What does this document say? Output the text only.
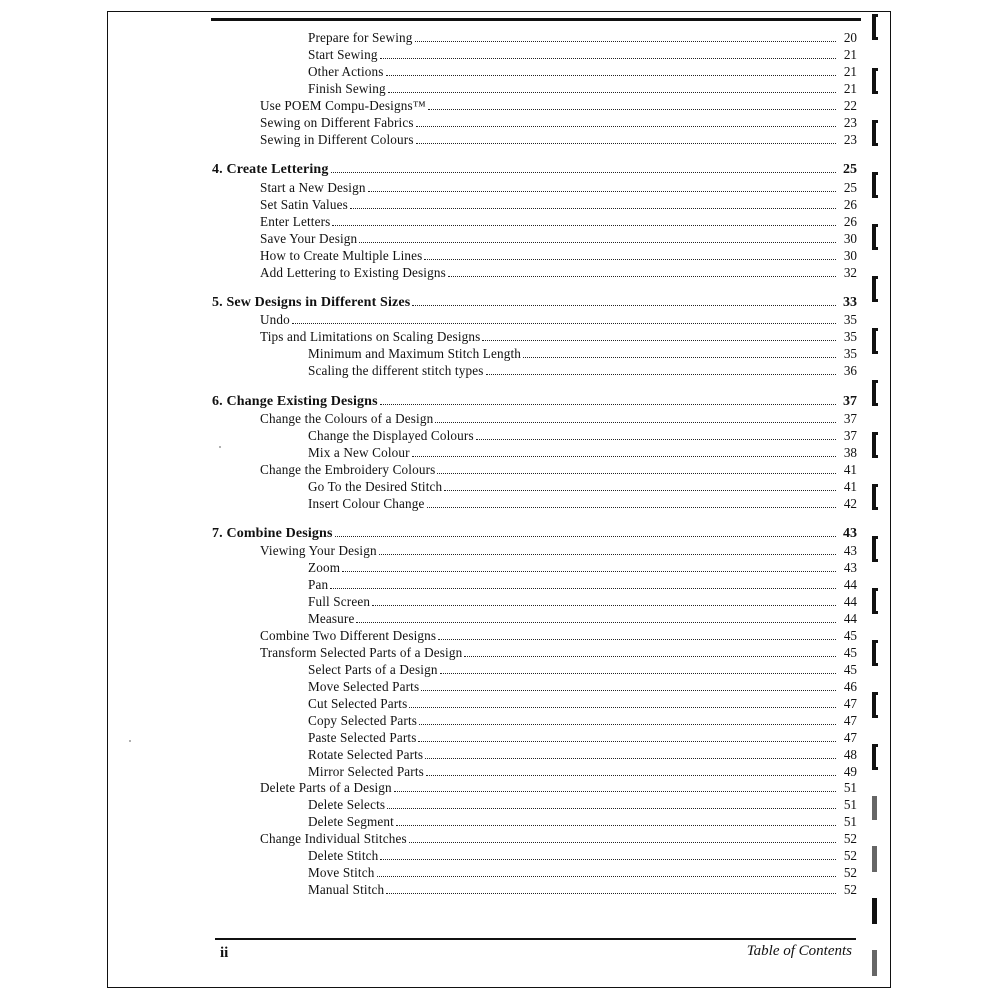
Prepare for Sewing	20
Start Sewing	21
Other Actions	21
Finish Sewing	21
Use POEM Compu-Designs™	22
Sewing on Different Fabrics	23
Sewing in Different Colours	23
4. Create Lettering	25
Start a New Design	25
Set Satin Values	26
Enter Letters	26
Save Your Design	30
How to Create Multiple Lines	30
Add Lettering to Existing Designs	32
5. Sew Designs in Different Sizes	33
Undo	35
Tips and Limitations on Scaling Designs	35
Minimum and Maximum Stitch Length	35
Scaling the different stitch types	36
6. Change Existing Designs	37
Change the Colours of a Design	37
Change the Displayed Colours	37
Mix a New Colour	38
Change the Embroidery Colours	41
Go To the Desired Stitch	41
Insert Colour Change	42
7. Combine Designs	43
Viewing Your Design	43
Zoom	43
Pan	44
Full Screen	44
Measure	44
Combine Two Different Designs	45
Transform Selected Parts of a Design	45
Select Parts of a Design	45
Move Selected Parts	46
Cut Selected Parts	47
Copy Selected Parts	47
Paste Selected Parts	47
Rotate Selected Parts	48
Mirror Selected Parts	49
Delete Parts of a Design	51
Delete Selects	51
Delete Segment	51
Change Individual Stitches	52
Delete Stitch	52
Move Stitch	52
Manual Stitch	52
ii	Table of Contents
